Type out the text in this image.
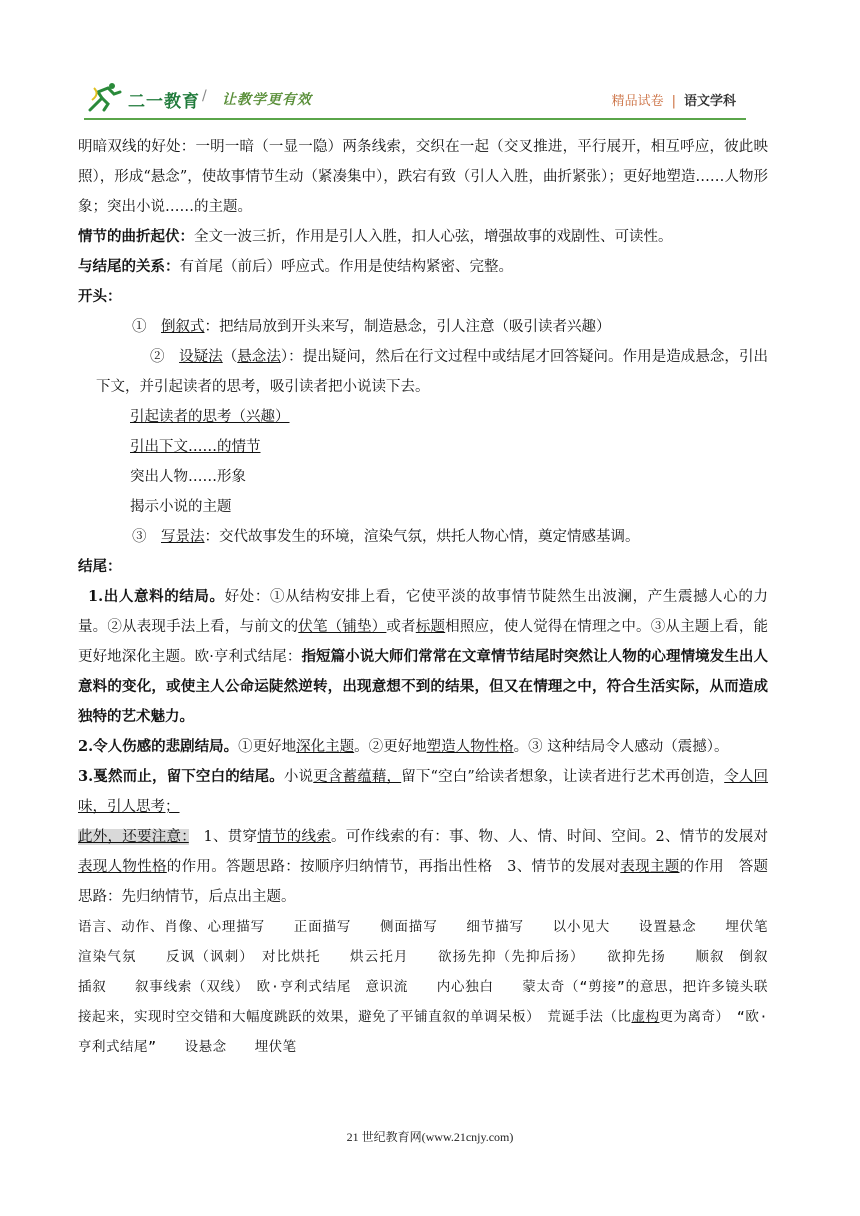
二一教育 / 让教学更有效	精品试卷 | 语文学科

明暗双线的好处：一明一暗（一显一隐）两条线索，交织在一起（交叉推进，平行展开，相互呼应，彼此映照），形成“悬念”，使故事情节生动（紧凑集中），跌宕有致（引人入胜，曲折紧张）；更好地塑造……人物形象；突出小说……的主题。

情节的曲折起伏：全文一波三折，作用是引人入胜，扣人心弦，增强故事的戏剧性、可读性。

与结尾的关系：有首尾（前后）呼应式。作用是使结构紧密、完整。

开头：

①　 倒叙式：把结局放到开头来写，制造悬念，引人注意（吸引读者兴趣）

②　 设疑法（悬念法）：提出疑问，然后在行文过程中或结尾才回答疑问。作用是造成悬念，引出下文，并引起读者的思考，吸引读者把小说读下去。

引起读者的思考（兴趣）

引出下文……的情节

突出人物……形象

揭示小说的主题

③　 写景法：交代故事发生的环境，渲染气氛，烘托人物心情，奠定情感基调。

结尾：

1.出人意料的结局。好处：①从结构安排上看，它使平淡的故事情节陡然生出波澜，产生震撼人心的力量。②从表现手法上看，与前文的伏笔（铺垫）或者标题相照应，使人觉得在情理之中。③从主题上看，能更好地深化主题。欧·亨利式结尾：指短篇小说大师们常常在文章情节结尾时突然让人物的心理情境发生出人意料的变化，或使主人公命运陡然逆转，出现意想不到的结果，但又在情理之中，符合生活实际，从而造成独特的艺术魅力。

2.令人伤感的悲剧结局。①更好地深化主题。②更好地塑造人物性格。③ 这种结局令人感动（震撼）。

3.戛然而止，留下空白的结尾。小说更含蓄蕴藉，留下“空白”给读者想象，让读者进行艺术再创造，令人回味，引人思考；

此外，还要注意：　1、贯穿情节的线索。可作线索的有：事、物、人、情、时间、空间。2、情节的发展对表现人物性格的作用。答题思路：按顺序归纳情节，再指出性格　3、情节的发展对表现主题的作用　答题思路：先归纳情节，后点出主题。

语言、动作、肖像、心理描写　　正面描写　　侧面描写　　细节描写　　以小见大　　设置悬念　　埋伏笔　　　渲染气氛　　反讽（讽刺）　对比烘托　　烘云托月　　欲扬先抑（先抑后扬）　　欲抑先扬　　顺叙　倒叙　　插叙　　叙事线索（双线）　欧·亨利式结尾　意识流　　内心独白　　蒙太奇（“剪接”的意思，把许多镜头联接起来，实现时空交错和大幅度跳跃的效果，避免了平铺直叙的单调呆板）　荒诞手法（比虚构更为离奇）　“欧·亨利式结尾”　　设悬念　　埋伏笔

21 世纪教育网(www.21cnjy.com)
